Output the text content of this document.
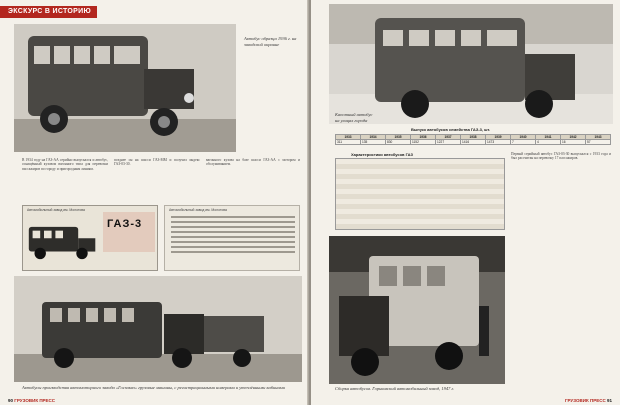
ЭКСКУРС В ИСТОРИЮ
Автобус образца 1936 г. на заводской окраине

В 1934 году на ГАЗ-АА серийно выпускался и автобус, оснащённый кузовом вагонного типа для перевозки пассажиров по городу и пригородным линиям.

позднее он на шасси ГАЗ-ММ и получил индекс ГАЗ-03-30.

вагонного кузова на базе шасси ГАЗ-АА с мотором и обслуживанием.

Автомобильный завод им. Молотова
ГАЗ-3
Автомобильный завод им. Молотова
Автобусы производства автомоторного завода «Госзаказ» грузовые машины, с регистрационными номерами и утеплёнными кабинами
90 ГРУЗОВИК ПРЕСС
Капотный автобус на улицах города
Выпуск автобусов семейства ГАЗ-3, шт.
1933	1934	1935	1936	1937	1938	1939	1940	1941	1942	1943
311	135	830	1152	1227	1416	1473	7	4	16	57
Характеристики автобусов ГАЗ	Первый серийный автобус ГАЗ-03-30 выпускался с 1933 года и был рассчитан на перевозку 17 пассажиров.

Сборка автобусов. Горьковский автомобильный завод, 1947 г.
ГРУЗОВИК ПРЕСС 91
